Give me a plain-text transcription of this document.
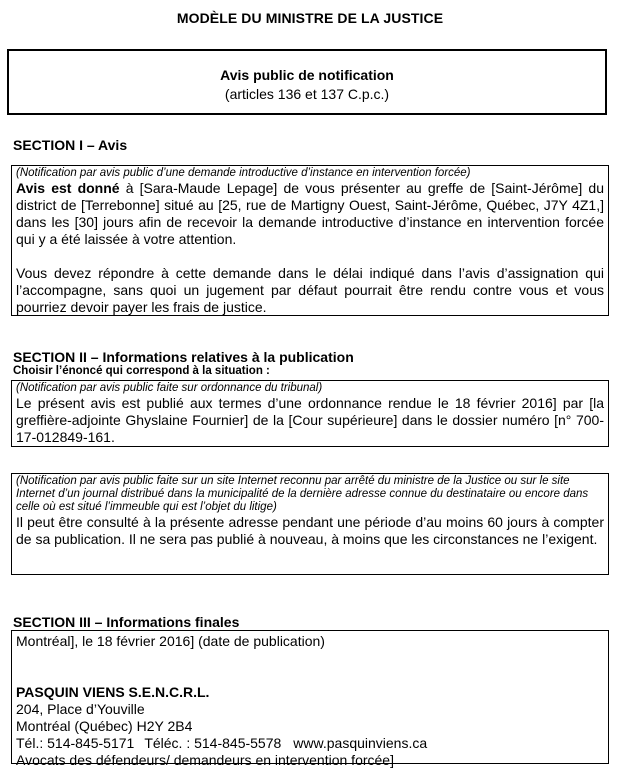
MODÈLE DU MINISTRE DE LA JUSTICE
Avis public de notification
(articles 136 et 137 C.p.c.)
SECTION I – Avis
(Notification par avis public d’une demande introductive d’instance en intervention forcée)
Avis est donné à [Sara-Maude Lepage] de vous présenter au greffe de [Saint-Jérôme] du district de [Terrebonne] situé au [25, rue de Martigny Ouest, Saint-Jérôme, Québec, J7Y 4Z1,] dans les [30] jours afin de recevoir la demande introductive d’instance en intervention forcée qui y a été laissée à votre attention.
Vous devez répondre à cette demande dans le délai indiqué dans l’avis d’assignation qui l’accompagne, sans quoi un jugement par défaut pourrait être rendu contre vous et vous pourriez devoir payer les frais de justice.
SECTION II – Informations relatives à la publication
Choisir l’énoncé qui correspond à la situation :
(Notification par avis public faite sur ordonnance du tribunal)
Le présent avis est publié aux termes d’une ordonnance rendue le 18 février 2016] par [la greffière-adjointe Ghyslaine Fournier] de la [Cour supérieure] dans le dossier numéro [n° 700-17-012849-161.
(Notification par avis public faite sur un site Internet reconnu par arrêté du ministre de la Justice ou sur le site Internet d’un journal distribué dans la municipalité de la dernière adresse connue du destinataire ou encore dans celle où est situé l’immeuble qui est l’objet du litige)
Il peut être consulté à la présente adresse pendant une période d’au moins 60 jours à compter de sa publication. Il ne sera pas publié à nouveau, à moins que les circonstances ne l’exigent.
SECTION III – Informations finales
Montréal], le 18 février 2016] (date de publication)
PASQUIN VIENS S.E.N.C.R.L.
204, Place d’Youville
Montréal (Québec) H2Y 2B4
Tél.: 514-845-5171 Téléc. : 514-845-5578 www.pasquinviens.ca
Avocats des défendeurs/ demandeurs en intervention forcée]
